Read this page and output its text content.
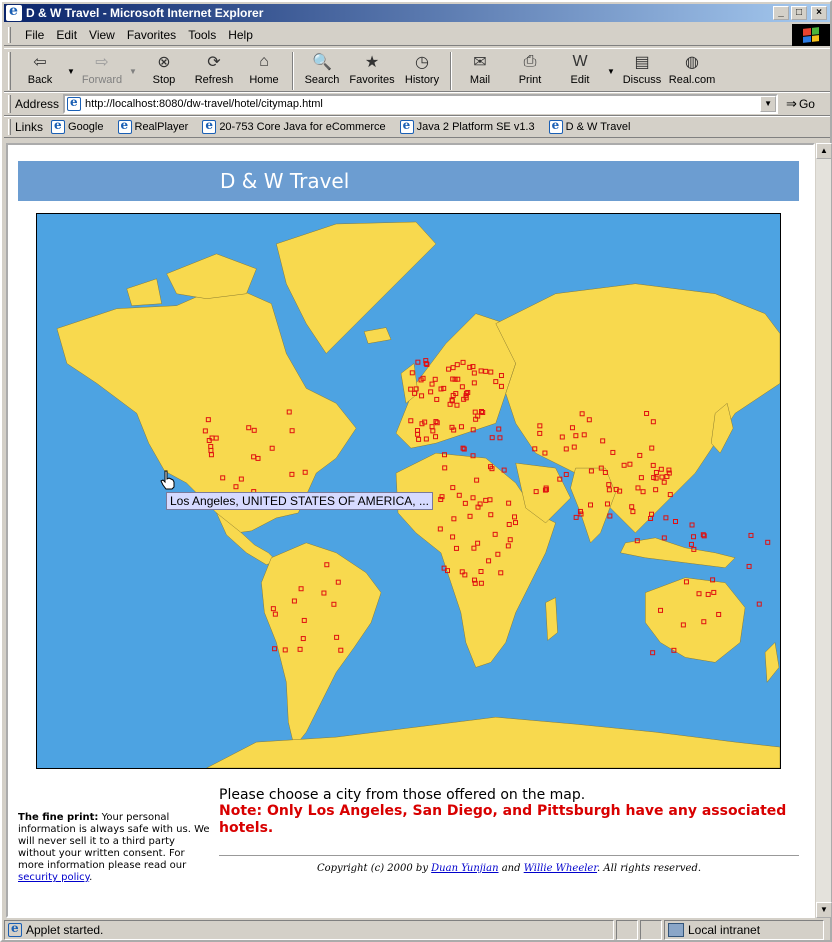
e
D & W Travel - Microsoft Internet Explorer	_	□	×
File	Edit	View	Favorites	Tools	Help
⇦
Back
▼ ⇨
Forward
▼ ⊗
Stop
⟳
Refresh
⌂
Home
🔍
Search
★
Favorites
◷
History
✉
Mail
⎙
Print
W
Edit
▼ ▤
Discuss
◍
Real.com
Address e http://localhost:8080/dw-travel/hotel/citymap.html	▼	⇒ Go
Links e Google e	RealPlayer e	20-753 Core Java for eCommerce e	Java 2 Platform SE v1.3 e	D & W Travel
D & W Travel
Los Angeles, UNITED STATES OF AMERICA, ...
The fine print: Your personal information is always safe with us. We will never sell it to a third party without your written consent. For more information please read our security policy.
Please choose a city from those offered on the map.
Note: Only Los Angeles, San Diego, and Pittsburgh have any associated hotels.
Copyright (c) 2000 by Duan Yunjian and Willie Wheeler. All rights reserved.
▲
▼
e
Applet started.	Local intranet
